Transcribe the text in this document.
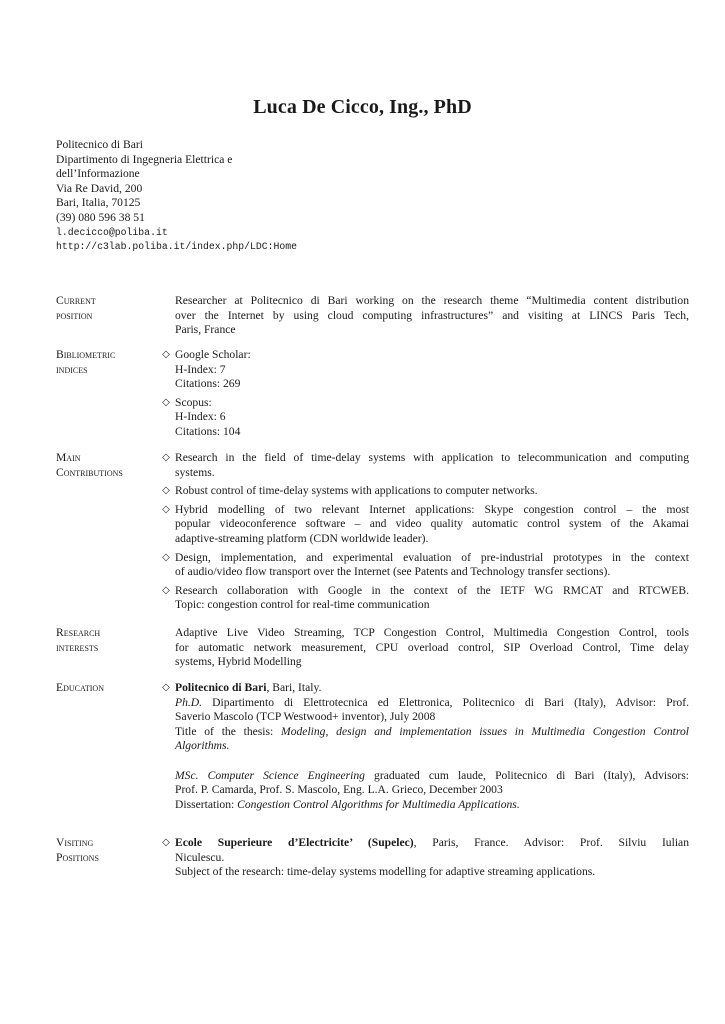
Luca De Cicco, Ing., PhD
Politecnico di Bari
Dipartimento di Ingegneria Elettrica e
dell’Informazione
Via Re David, 200
Bari, Italia, 70125
(39) 080 596 38 51
l.decicco@poliba.it
http://c3lab.poliba.it/index.php/LDC:Home
Current
position
Researcher at Politecnico di Bari working on the research theme “Multimedia content distribution
over the Internet by using cloud computing infrastructures” and visiting at LINCS Paris Tech,
Paris, France
Bibliometric
indices
◇ Google Scholar:
H-Index: 7
Citations: 269
◇ Scopus:
H-Index: 6
Citations: 104
Main
Contributions
◇ Research in the field of time-delay systems with application to telecommunication and computing
systems.
◇ Robust control of time-delay systems with applications to computer networks.
◇ Hybrid modelling of two relevant Internet applications: Skype congestion control – the most
popular videoconference software – and video quality automatic control system of the Akamai
adaptive-streaming platform (CDN worldwide leader).
◇ Design, implementation, and experimental evaluation of pre-industrial prototypes in the context
of audio/video flow transport over the Internet (see Patents and Technology transfer sections).
◇ Research collaboration with Google in the context of the IETF WG RMCAT and RTCWEB.
Topic: congestion control for real-time communication
Research
interests
Adaptive Live Video Streaming, TCP Congestion Control, Multimedia Congestion Control, tools
for automatic network measurement, CPU overload control, SIP Overload Control, Time delay
systems, Hybrid Modelling
Education	◇ Politecnico di Bari, Bari, Italy.
Ph.D. Dipartimento di Elettrotecnica ed Elettronica, Politecnico di Bari (Italy), Advisor: Prof.
Saverio Mascolo (TCP Westwood+ inventor), July 2008
Title of the thesis: Modeling, design and implementation issues in Multimedia Congestion Control
Algorithms.
MSc. Computer Science Engineering graduated cum laude, Politecnico di Bari (Italy), Advisors:
Prof. P. Camarda, Prof. S. Mascolo, Eng. L.A. Grieco, December 2003
Dissertation: Congestion Control Algorithms for Multimedia Applications.
Visiting
Positions
◇ Ecole Superieure d’Electricite’ (Supelec), Paris, France. Advisor: Prof. Silviu Iulian
Niculescu.
Subject of the research: time-delay systems modelling for adaptive streaming applications.
